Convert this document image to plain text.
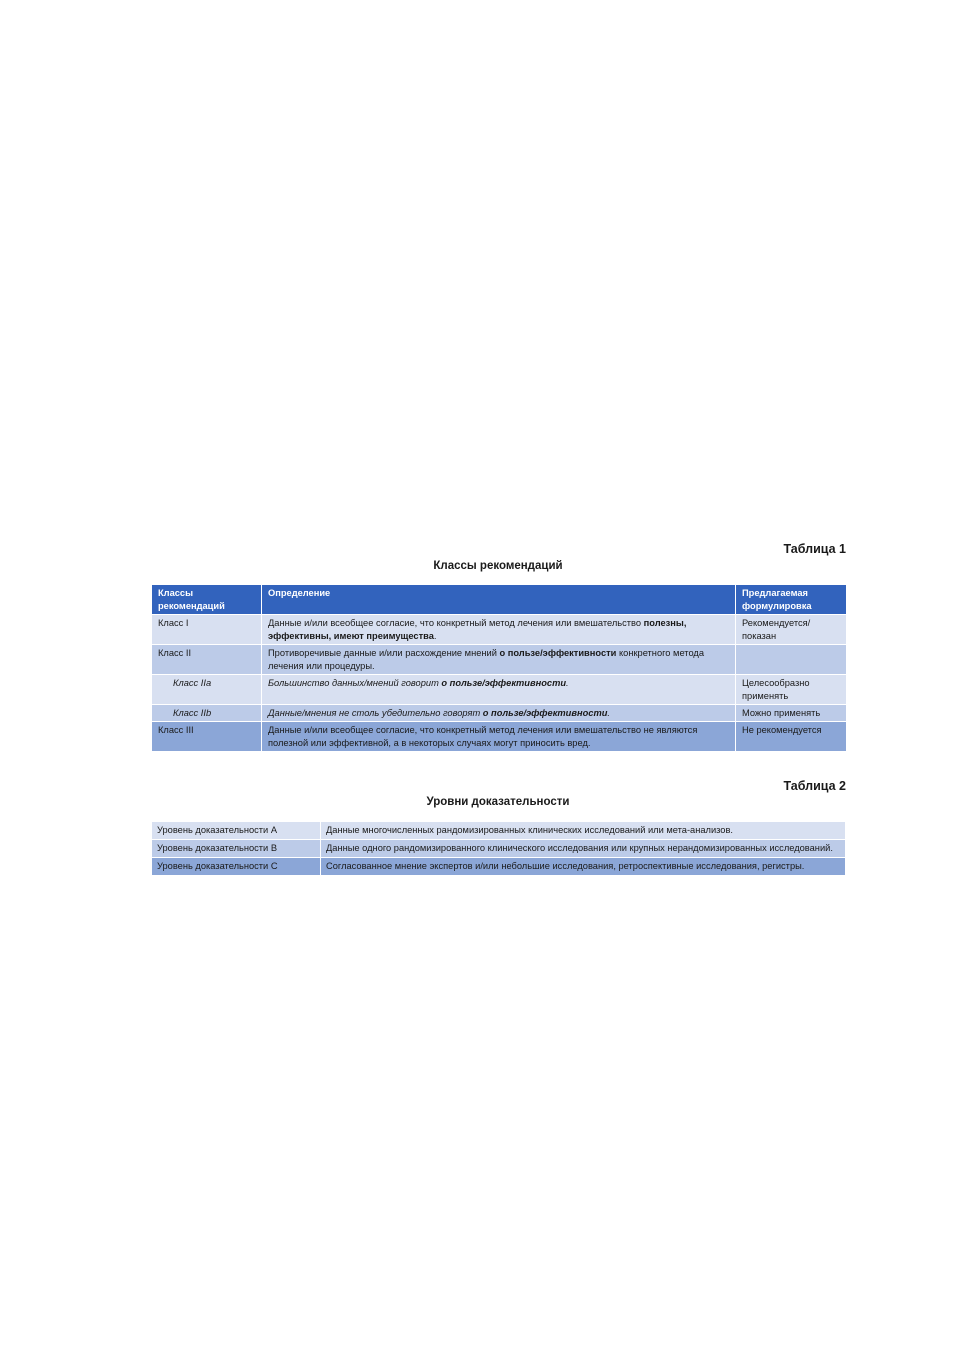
Таблица 1
Классы рекомендаций
Классы рекомендаций	Определение	Предлагаемая формулировка
Класс I	Данные и/или всеобщее согласие, что конкретный метод лечения или вмешательство полезны, эффективны, имеют преимущества.	Рекомендуется/ показан
Класс II	Противоречивые данные и/или расхождение мнений о пользе/эффективности конкретного метода лечения или процедуры.	
Класс IIa	Большинство данных/мнений говорит о пользе/эффективности.	Целесообразно применять
Класс IIb	Данные/мнения не столь убедительно говорят о пользе/эффективности.	Можно применять
Класс III	Данные и/или всеобщее согласие, что конкретный метод лечения или вмешательство не являются полезной или эффективной, а в некоторых случаях могут приносить вред.	Не рекомендуется
Таблица 2
Уровни доказательности
Уровень доказательности А	Данные многочисленных рандомизированных клинических исследований или мета-анализов.
Уровень доказательности В	Данные одного рандомизированного клинического исследования или крупных нерандомизированных исследований.
Уровень доказательности С	Согласованное мнение экспертов и/или небольшие исследования, ретроспективные исследования, регистры.
